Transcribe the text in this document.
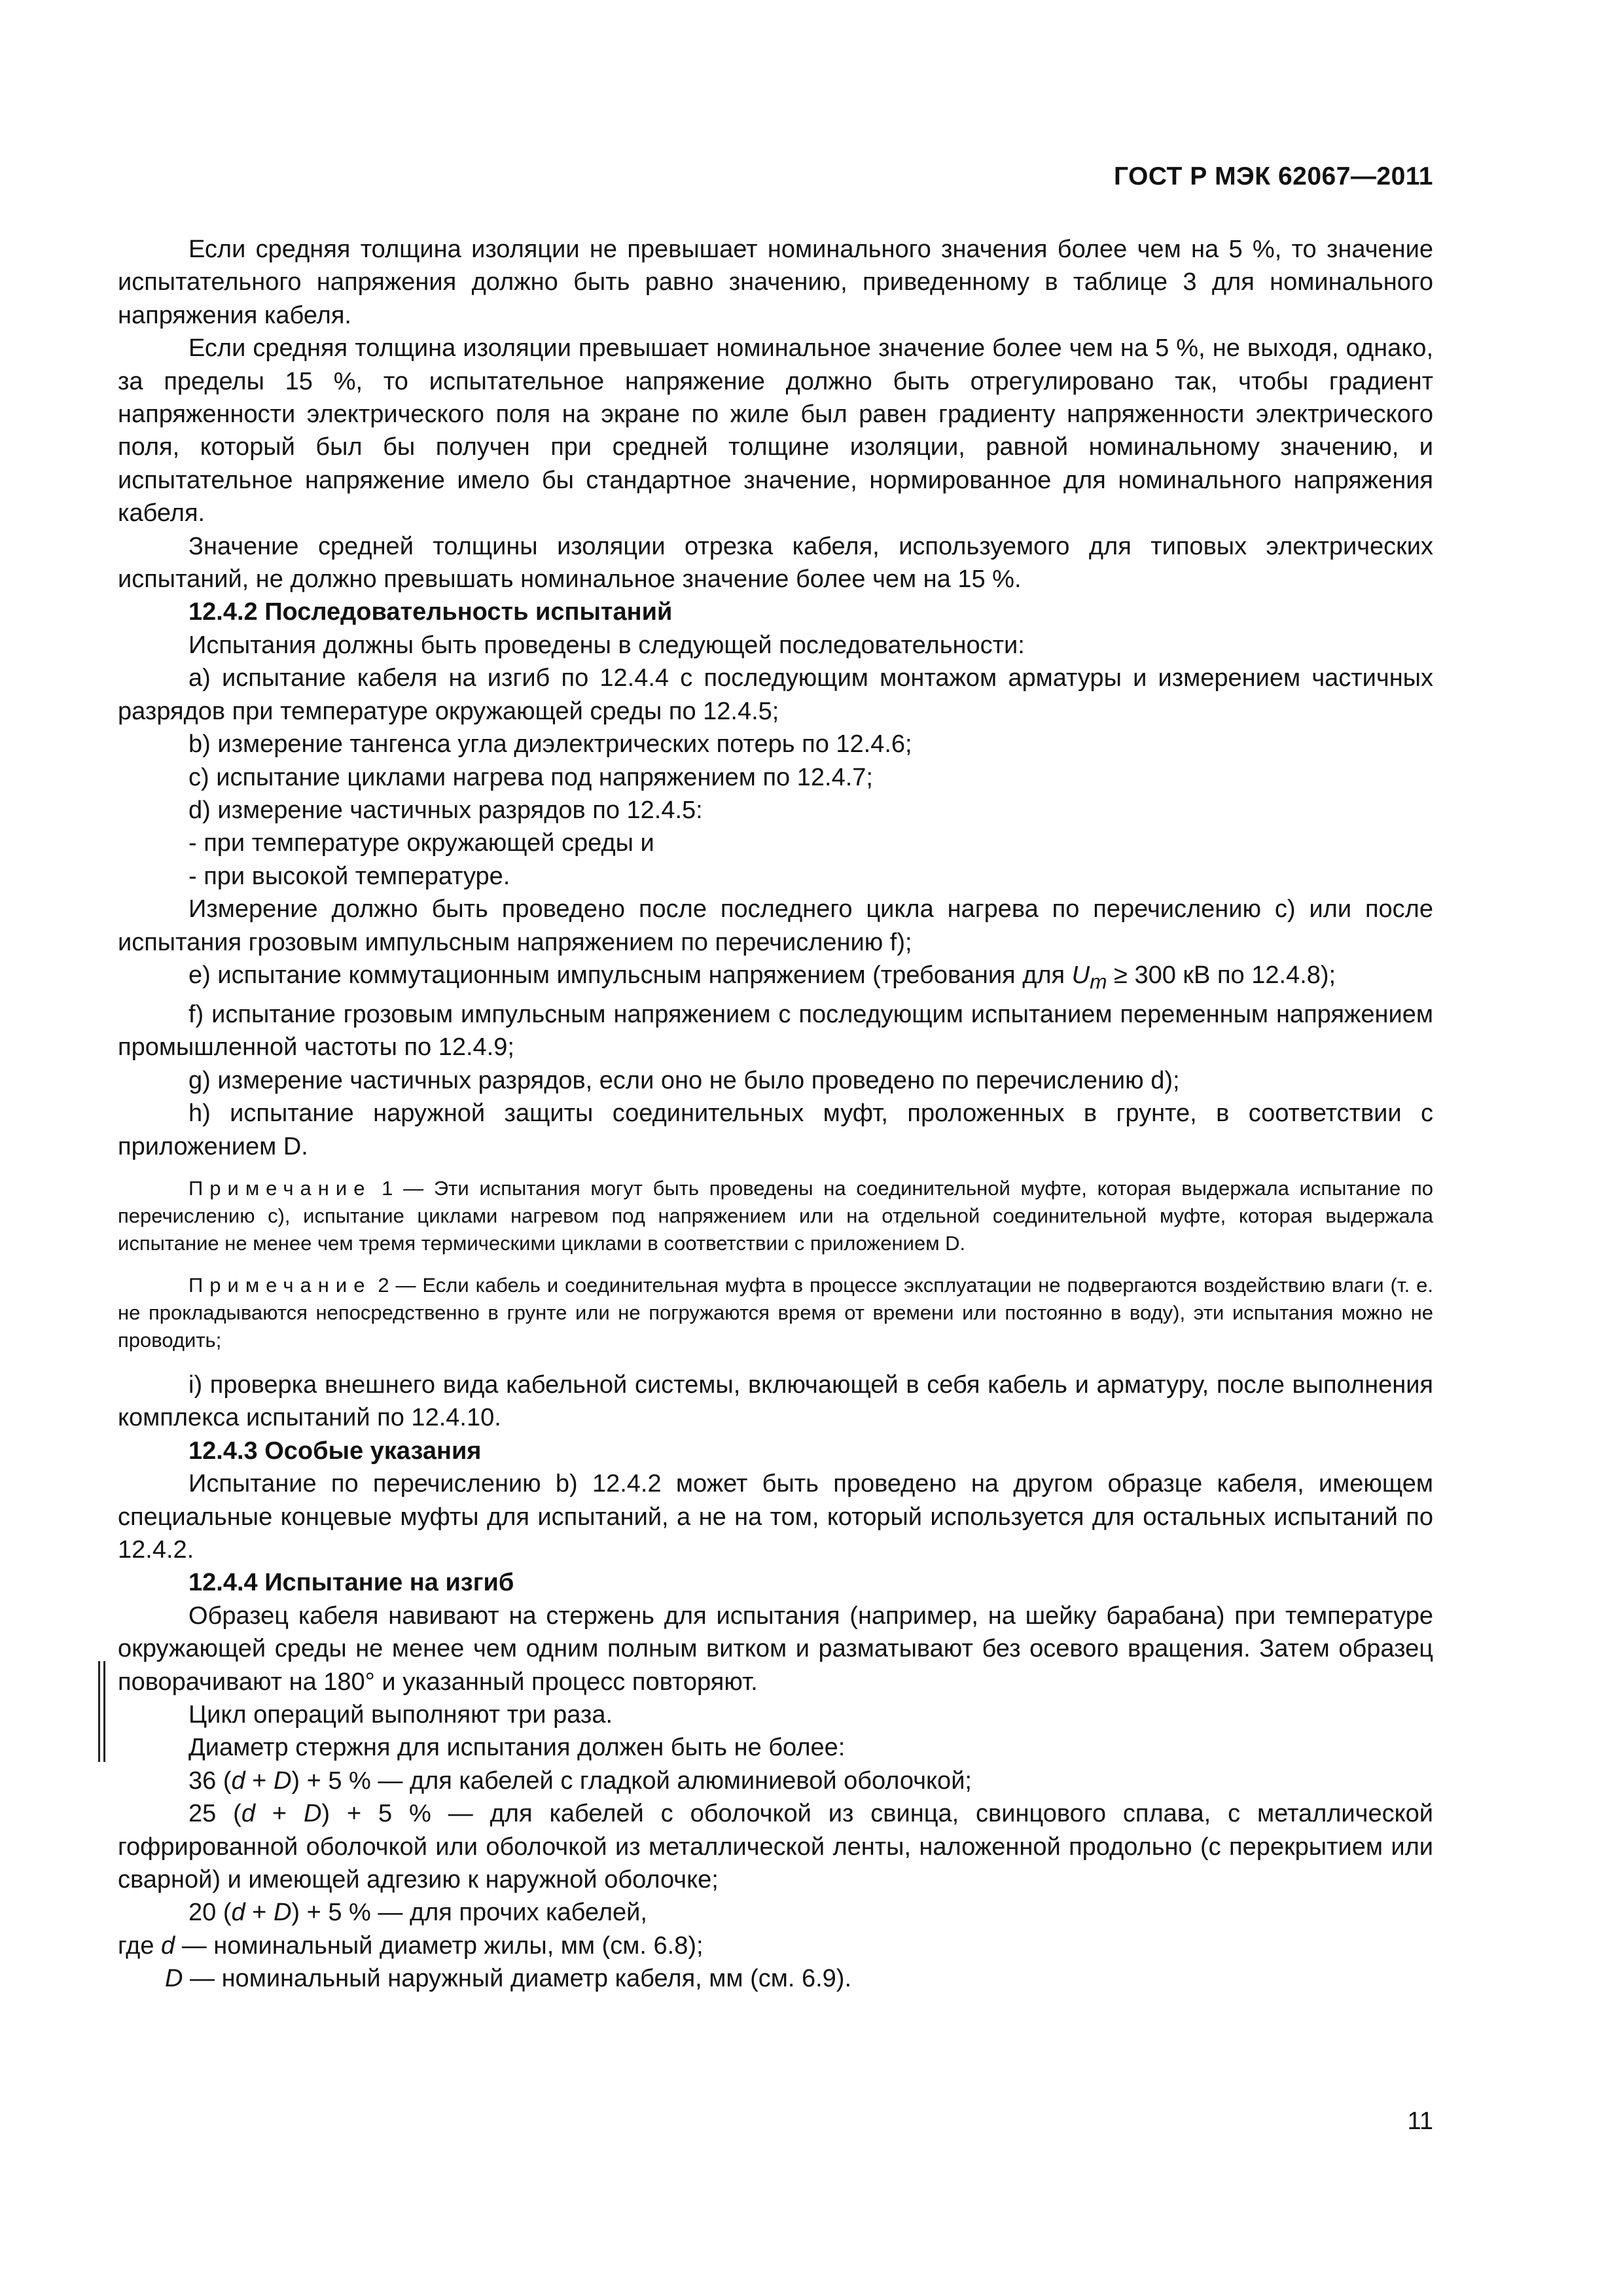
ГОСТ Р МЭК 62067—2011

Если средняя толщина изоляции не превышает номинального значения более чем на 5 %, то значение испытательного напряжения должно быть равно значению, приведенному в таблице 3 для номинального напряжения кабеля.

Если средняя толщина изоляции превышает номинальное значение более чем на 5 %, не выходя, однако, за пределы 15 %, то испытательное напряжение должно быть отрегулировано так, чтобы градиент напряженности электрического поля на экране по жиле был равен градиенту напряженности электрического поля, который был бы получен при средней толщине изоляции, равной номинальному значению, и испытательное напряжение имело бы стандартное значение, нормированное для номинального напряжения кабеля.

Значение средней толщины изоляции отрезка кабеля, используемого для типовых электрических испытаний, не должно превышать номинальное значение более чем на 15 %.

12.4.2 Последовательность испытаний

Испытания должны быть проведены в следующей последовательности:

a) испытание кабеля на изгиб по 12.4.4 с последующим монтажом арматуры и измерением частичных разрядов при температуре окружающей среды по 12.4.5;

b) измерение тангенса угла диэлектрических потерь по 12.4.6;

c) испытание циклами нагрева под напряжением по 12.4.7;

d) измерение частичных разрядов по 12.4.5:

- при температуре окружающей среды и

- при высокой температуре.

Измерение должно быть проведено после последнего цикла нагрева по перечислению с) или после испытания грозовым импульсным напряжением по перечислению f);

e) испытание коммутационным импульсным напряжением (требования для $U_m \ge 300$ кВ по 12.4.8);

f) испытание грозовым импульсным напряжением с последующим испытанием переменным напряжением промышленной частоты по 12.4.9;

g) измерение частичных разрядов, если оно не было проведено по перечислению d);

h) испытание наружной защиты соединительных муфт, проложенных в грунте, в соответствии с приложением D.

Примечание 1 — Эти испытания могут быть проведены на соединительной муфте, которая выдержала испытание по перечислению с), испытание циклами нагревом под напряжением или на отдельной соединительной муфте, которая выдержала испытание не менее чем тремя термическими циклами в соответствии с приложением D.

Примечание 2 — Если кабель и соединительная муфта в процессе эксплуатации не подвергаются воздействию влаги (т. е. не прокладываются непосредственно в грунте или не погружаются время от времени или постоянно в воду), эти испытания можно не проводить;

i) проверка внешнего вида кабельной системы, включающей в себя кабель и арматуру, после выполнения комплекса испытаний по 12.4.10.

12.4.3 Особые указания

Испытание по перечислению b) 12.4.2 может быть проведено на другом образце кабеля, имеющем специальные концевые муфты для испытаний, а не на том, который используется для остальных испытаний по 12.4.2.

12.4.4 Испытание на изгиб

Образец кабеля навивают на стержень для испытания (например, на шейку барабана) при температуре окружающей среды не менее чем одним полным витком и разматывают без осевого вращения. Затем образец поворачивают на 180° и указанный процесс повторяют.

Цикл операций выполняют три раза.

Диаметр стержня для испытания должен быть не более:

36 (d + D) + 5 % — для кабелей с гладкой алюминиевой оболочкой;

25 (d + D) + 5 % — для кабелей с оболочкой из свинца, свинцового сплава, с металлической гофрированной оболочкой или оболочкой из металлической ленты, наложенной продольно (с перекрытием или сварной) и имеющей адгезию к наружной оболочке;

20 (d + D) + 5 % — для прочих кабелей,

где d — номинальный диаметр жилы, мм (см. 6.8);

D — номинальный наружный диаметр кабеля, мм (см. 6.9).

11
